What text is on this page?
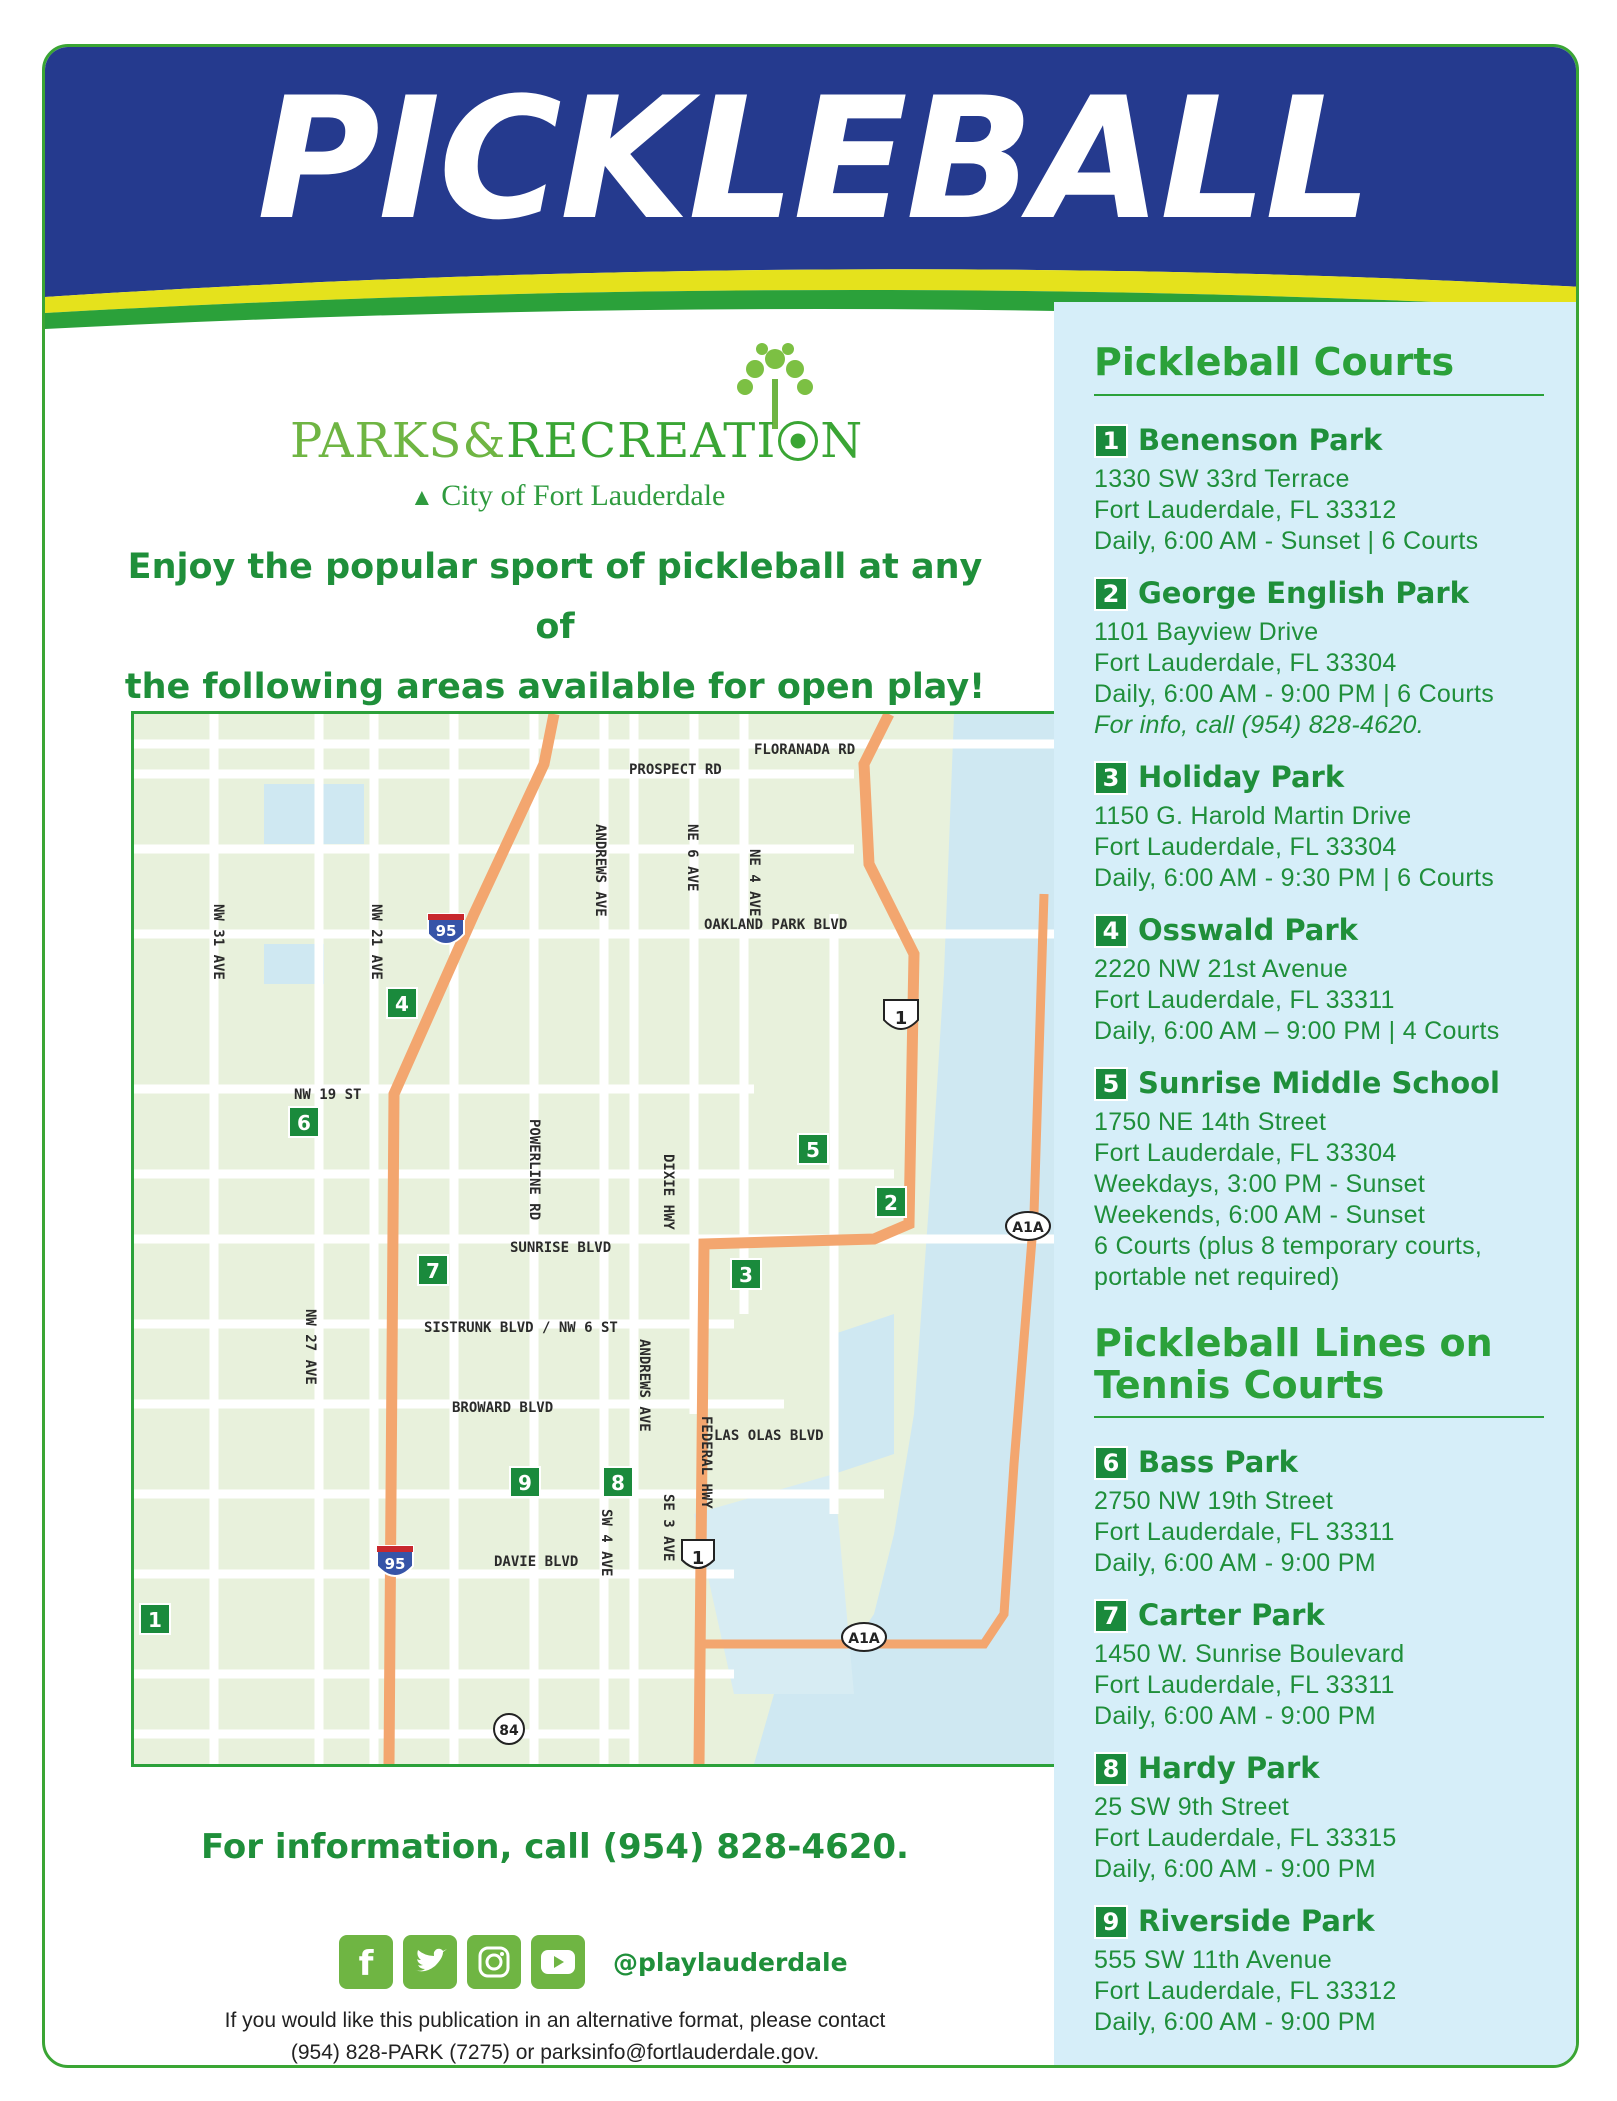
PICKLEBALL
PARKS&RECREATI N
▲ City of Fort Lauderdale
Enjoy the popular sport of pickleball at any of
the following areas available for open play!
FLORANADA RD
PROSPECT RD
OAKLAND PARK BLVD
NW 19 ST
SUNRISE BLVD
SISTRUNK BLVD / NW 6 ST
BROWARD BLVD
LAS OLAS BLVD
DAVIE BLVD
NW 31 AVE	NW 21 AVE
NW 27 AVE
ANDREWS AVE	NE 6 AVE	NE 4 AVE
POWERLINE RD	DIXIE HWY
ANDREWS AVE
SE 3 AVE
SW 4 AVE
FEDERAL HWY
95
95
1
1
A1A
A1A
84
1
2
3
4
5
6
7
8
9
For information, call (954) 828-4620.
f	@playlauderdale
If you would like this publication in an alternative format, please contact
(954) 828-PARK (7275) or parksinfo@fortlauderdale.gov.
Pickleball Courts
1 Benenson Park
1330 SW 33rd Terrace
Fort Lauderdale, FL 33312
Daily, 6:00 AM - Sunset | 6 Courts
2 George English Park
1101 Bayview Drive
Fort Lauderdale, FL 33304
Daily, 6:00 AM - 9:00 PM | 6 Courts
For info, call (954) 828-4620.
3 Holiday Park
1150 G. Harold Martin Drive
Fort Lauderdale, FL 33304
Daily, 6:00 AM - 9:30 PM | 6 Courts
4 Osswald Park
2220 NW 21st Avenue
Fort Lauderdale, FL 33311
Daily, 6:00 AM – 9:00 PM | 4 Courts
5 Sunrise Middle School
1750 NE 14th Street
Fort Lauderdale, FL 33304
Weekdays, 3:00 PM - Sunset
Weekends, 6:00 AM - Sunset
6 Courts (plus 8 temporary courts,
portable net required)
Pickleball Lines on
Tennis Courts
6 Bass Park
2750 NW 19th Street
Fort Lauderdale, FL 33311
Daily, 6:00 AM - 9:00 PM
7 Carter Park
1450 W. Sunrise Boulevard
Fort Lauderdale, FL 33311
Daily, 6:00 AM - 9:00 PM
8 Hardy Park
25 SW 9th Street
Fort Lauderdale, FL 33315
Daily, 6:00 AM - 9:00 PM
9 Riverside Park
555 SW 11th Avenue
Fort Lauderdale, FL 33312
Daily, 6:00 AM - 9:00 PM
